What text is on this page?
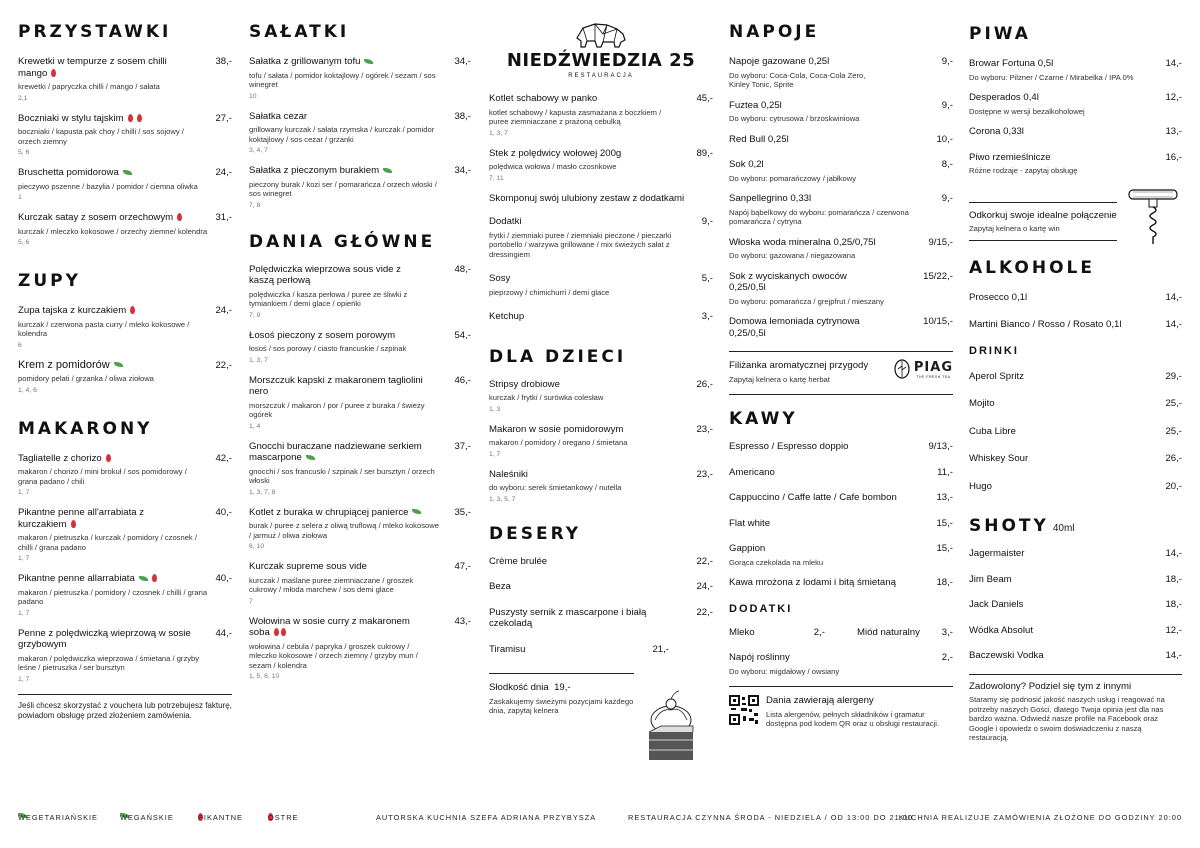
PRZYSTAWKI
Krewetki w tempurze z sosem chilli mango
38,-
krewetki / papryczka chilli / mango / sałata
2,1
Boczniaki w stylu tajskim	27,-
boczniaki / kapusta pak choy / chilli / sos sojowy / orzech ziemny
5, 6
Bruschetta pomidorowa	24,-
pieczywo pszenne / bazylia / pomidor / ciemna oliwka
1
Kurczak satay z sosem orzechowym	31,-
kurczak / mleczko kokosowe / orzechy ziemne/ kolendra
5, 6
ZUPY
Zupa tajska z kurczakiem	24,-
kurczak / czerwona pasta curry / mleko kokosowe / kolendra
6
Krem z pomidorów	22,-
pomidory pelati / grzanka / oliwa ziołowa
1, 4, 6
MAKARONY
Tagliatelle z chorizo	42,-
makaron / chorizo / mini brokuł / sos pomidorowy / grana padano / chili
1, 7
Pikantne penne all'arrabiata z kurczakiem
40,-
makaron / pietruszka / kurczak / pomidory / czosnek / chilli / grana padano
1, 7
Pikantne penne allarrabiata	40,-
makaron / pietruszka / pomidory / czosnek / chilli / grana padano
1, 7
Penne z polędwiczką wieprzową w sosie grzybowym
44,-
makaron / polędwiczka wieprzowa / śmietana / grzyby leśne / pietruszka / ser bursztyn
1, 7
Jeśli chcesz skorzystać z vouchera lub potrzebujesz fakturę, powiadom obsługę przed złożeniem zamówienia.
SAŁATKI
Sałatka z grillowanym tofu	34,-
tofu / sałata / pomidor koktajlowy / ogórek / sezam / sos winegret
10
Sałatka cezar	38,-
grillowany kurczak / sałata rzymska / kurczak / pomidor koktajlowy / sos cezar / grzanki
3, 4, 7
Sałatka z pieczonym burakiem	34,-
pieczony burak / kozi ser / pomarańcza / orzech włoski / sos winegret
7, 8
DANIA GŁÓWNE
Polędwiczka wieprzowa sous vide z kaszą perłową
48,-
polędwiczka / kasza perłowa / puree ze śliwki z tymiankiem / demi glace / opieńki
7, 9
Łosoś pieczony z sosem porowym	54,-
łosoś / sos porowy / ciasto francuskie / szpinak
1, 3, 7
Morszczuk kapski z makaronem tagliolini nero
46,-
morszczuk / makaron / por / puree z buraka / świeży ogórek
1, 4
Gnocchi buraczane nadziewane serkiem mascarpone
37,-
gnocchi / sos francuski / szpinak / ser bursztyn / orzech włoski
1, 3, 7, 8
Kotlet z buraka w chrupiącej panierce	35,-
burak / puree z selera z oliwą truflową / mleko kokosowe / jarmuż / oliwa ziołowa
6, 10
Kurczak supreme sous vide	47,-
kurczak / maślane puree ziemniaczane / groszek cukrowy / młoda marchew / sos demi glace
7
Wołowina w sosie curry z makaronem soba
43,-
wołowina / cebula / papryka / groszek cukrowy / mleczko kokosowe / orzech ziemny / grzyby mun / sezam / kolendra
1, 5, 6, 10
NIEDŹWIEDZIA 25
RESTAURACJA
Kotlet schabowy w panko	45,-
kotlet schabowy / kapusta zasmażana z boczkiem / puree ziemniaczane z prażoną cebulką
1, 3, 7
Stek z polędwicy wołowej 200g	89,-
polędwica wołowa / masło czosnkowe
7, 11
Skomponuj swój ulubiony zestaw z dodatkami
Dodatki	9,-
frytki / ziemniaki puree / ziemniaki pieczone / pieczarki portobello / warzywa grillowane / mix świeżych sałat z dressingiem
Sosy	5,-
pieprzowy / chimichurri / demi glace
Ketchup	3,-
DLA DZIECI
Stripsy drobiowe	26,-
kurczak / frytki / surówka colesław
1, 3
Makaron w sosie pomidorowym	23,-
makaron / pomidory / oregano / śmietana
1, 7
Naleśniki	23,-
do wyboru: serek śmietankowy / nutella
1, 3, 5, 7
DESERY
Crème brulée	22,-
Beza	24,-
Puszysty sernik z mascarpone i białą czekoladą
22,-
Tiramisu	21,-
Słodkość dnia 19,-
Zaskakujemy świeżymi pozycjami każdego dnia, zapytaj kelnera
NAPOJE
Napoje gazowane 0,25l	9,-
Do wyboru: Coca-Cola, Coca-Cola Zero, Kinley Tonic, Sprite
Fuztea 0,25l	9,-
Do wyboru: cytrusowa / brzoskwiniowa
Red Bull 0,25l	10,-
Sok 0,2l	8,-
Do wyboru: pomarańczowy / jabłkowy
Sanpellegrino 0,33l	9,-
Napój bąbelkowy do wyboru: pomarańcza / czerwona pomarańcza / cytryna
Włoska woda mineralna 0,25/0,75l	9/15,-
Do wyboru: gazowana / niegazowana
Sok z wyciskanych owoców 0,25/0,5l
15/22,-
Do wyboru: pomarańcza / grejpfrut / mieszany
Domowa lemoniada cytrynowa 0,25/0,5l
10/15,-
Filiżanka aromatycznej przygody
Zapytaj kelnera o kartę herbat
PIAG
THE FRESH TEA
KAWY
Espresso / Espresso doppio	9/13,-
Americano	11,-
Cappuccino / Caffe latte / Cafe bombon	13,-
Flat white	15,-
Gappion	15,-
Gorąca czekolada na mleku
Kawa mrożona z lodami i bitą śmietaną	18,-
DODATKI
Mleko	2,-	Miód naturalny 3,-
Napój roślinny	2,-
Do wyboru: migdałowy / owsiany
Dania zawierają alergeny
Lista alergenów, pełnych składników i gramatur dostępna pod kodem QR oraz u obsługi restauracji.
PIWA
Browar Fortuna 0,5l	14,-
Do wyboru: Pilzner / Czarne / Mirabelka / IPA 0%
Desperados 0,4l	12,-
Dostępne w wersji bezalkoholowej
Corona 0,33l	13,-
Piwo rzemieślnicze	16,-
Różne rodzaje - zapytaj obsługę
Odkorkuj swoje idealne połączenie
Zapytaj kelnera o kartę win
ALKOHOLE
Prosecco 0,1l	14,-
Martini Bianco / Rosso / Rosato 0,1l	14,-
DRINKI
Aperol Spritz	29,-
Mojito	25,-
Cuba Libre	25,-
Whiskey Sour	26,-
Hugo	20,-
SHOTY 40ml
Jagermaister	14,-
Jim Beam	18,-
Jack Daniels	18,-
Wódka Absolut	12,-
Baczewski Vodka	14,-
Zadowolony? Podziel się tym z innymi
Staramy się podnosić jakość naszych usług i reagować na potrzeby naszych Gości, dlatego Twoja opinia jest dla nas bardzo ważna. Odwiedź nasze profile na Facebook oraz Google i opowiedz o swoim doświadczeniu z naszą restauracją.
WEGETARIAŃSKIE	WEGAŃSKIE	PIKANTNE	OSTRE	AUTORSKA KUCHNIA SZEFA ADRIANA PRZYBYSZA	RESTAURACJA CZYNNA ŚRODA - NIEDZIELA / OD 13:00 DO 21:00
KUCHNIA REALIZUJE ZAMÓWIENIA ZŁOŻONE DO GODZINY 20:00
